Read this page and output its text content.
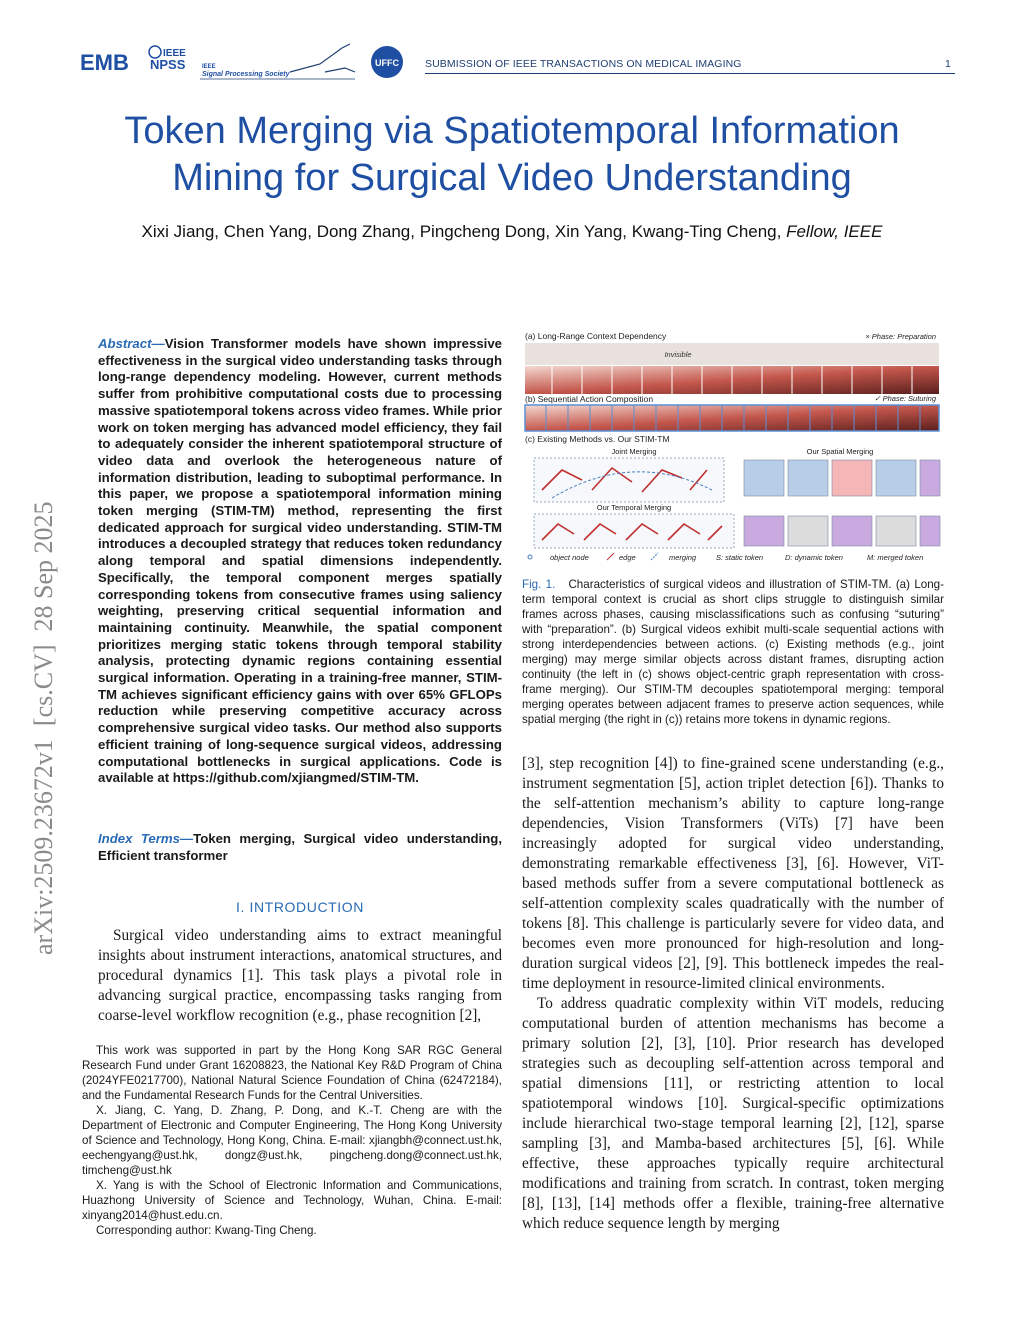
EMB	IEEE
NPSS	IEEE
Signal Processing Society
UFFC SUBMISSION OF IEEE TRANSACTIONS ON MEDICAL IMAGING	1
arXiv:2509.23672v1  [cs.CV]  28 Sep 2025
Token Merging via Spatiotemporal Information
Mining for Surgical Video Understanding
Xixi Jiang, Chen Yang, Dong Zhang, Pingcheng Dong, Xin Yang, Kwang-Ting Cheng, Fellow, IEEE
Abstract—Vision Transformer models have shown impressive effectiveness in the surgical video understanding tasks through long-range dependency modeling. However, current methods suffer from prohibitive computational costs due to processing massive spatiotemporal tokens across video frames. While prior work on token merging has advanced model efficiency, they fail to adequately consider the inherent spatiotemporal structure of video data and overlook the heterogeneous nature of information distribution, leading to suboptimal performance. In this paper, we propose a spatiotemporal information mining token merging (STIM-TM) method, representing the first dedicated approach for surgical video understanding. STIM-TM introduces a decoupled strategy that reduces token redundancy along temporal and spatial dimensions independently. Specifically, the temporal component merges spatially corresponding tokens from consecutive frames using saliency weighting, preserving critical sequential information and maintaining continuity. Meanwhile, the spatial component prioritizes merging static tokens through temporal stability analysis, protecting dynamic regions containing essential surgical information. Operating in a training-free manner, STIM-TM achieves significant efficiency gains with over 65% GFLOPs reduction while preserving competitive accuracy across comprehensive surgical video tasks. Our method also supports efficient training of long-sequence surgical videos, addressing computational bottlenecks in surgical applications. Code is available at https://github.com/xjiangmed/STIM-TM.
Index Terms—Token merging, Surgical video understanding, Efficient transformer
I. INTRODUCTION
Surgical video understanding aims to extract meaningful insights about instrument interactions, anatomical structures, and procedural dynamics [1]. This task plays a pivotal role in advancing surgical practice, encompassing tasks ranging from coarse-level workflow recognition (e.g., phase recognition [2],

This work was supported in part by the Hong Kong SAR RGC General Research Fund under Grant 16208823, the National Key R&D Program of China (2024YFE0217700), National Natural Science Foundation of China (62472184), and the Fundamental Research Funds for the Central Universities.

X. Jiang, C. Yang, D. Zhang, P. Dong, and K.-T. Cheng are with the Department of Electronic and Computer Engineering, The Hong Kong University of Science and Technology, Hong Kong, China. E-mail: xjiangbh@connect.ust.hk, eechengyang@ust.hk, dongz@ust.hk, pingcheng.dong@connect.ust.hk, timcheng@ust.hk

X. Yang is with the School of Electronic Information and Communications, Huazhong University of Science and Technology, Wuhan, China. E-mail: xinyang2014@hust.edu.cn.

Corresponding author: Kwang-Ting Cheng.

(a) Long-Range Context Dependency	× Phase: Preparation
Invisible
(b) Sequential Action Composition	✓ Phase: Suturing
(c) Existing Methods vs. Our STIM-TM
Joint Merging	Our Spatial Merging
Our Temporal Merging
object node	edge	merging	S: static token	D: dynamic token	M: merged token
Fig. 1. Characteristics of surgical videos and illustration of STIM-TM. (a) Long-term temporal context is crucial as short clips struggle to distinguish similar frames across phases, causing misclassifications such as confusing “suturing” with “preparation”. (b) Surgical videos exhibit multi-scale sequential actions with strong interdependencies between actions. (c) Existing methods (e.g., joint merging) may merge similar objects across distant frames, disrupting action continuity (the left in (c) shows object-centric graph representation with cross-frame merging). Our STIM-TM decouples spatiotemporal merging: temporal merging operates between adjacent frames to preserve action sequences, while spatial merging (the right in (c)) retains more tokens in dynamic regions.

[3], step recognition [4]) to fine-grained scene understanding (e.g., instrument segmentation [5], action triplet detection [6]). Thanks to the self-attention mechanism’s ability to capture long-range dependencies, Vision Transformers (ViTs) [7] have been increasingly adopted for surgical video understanding, demonstrating remarkable effectiveness [3], [6]. However, ViT-based methods suffer from a severe computational bottleneck as self-attention complexity scales quadratically with the number of tokens [8]. This challenge is particularly severe for video data, and becomes even more pronounced for high-resolution and long-duration surgical videos [2], [9]. This bottleneck impedes the real-time deployment in resource-limited clinical environments.

To address quadratic complexity within ViT models, reducing computational burden of attention mechanisms has become a primary solution [2], [3], [10]. Prior research has developed strategies such as decoupling self-attention across temporal and spatial dimensions [11], or restricting attention to local spatiotemporal windows [10]. Surgical-specific optimizations include hierarchical two-stage temporal learning [2], [12], sparse sampling [3], and Mamba-based architectures [5], [6]. While effective, these approaches typically require architectural modifications and training from scratch. In contrast, token merging [8], [13], [14] methods offer a flexible, training-free alternative which reduce sequence length by merging
